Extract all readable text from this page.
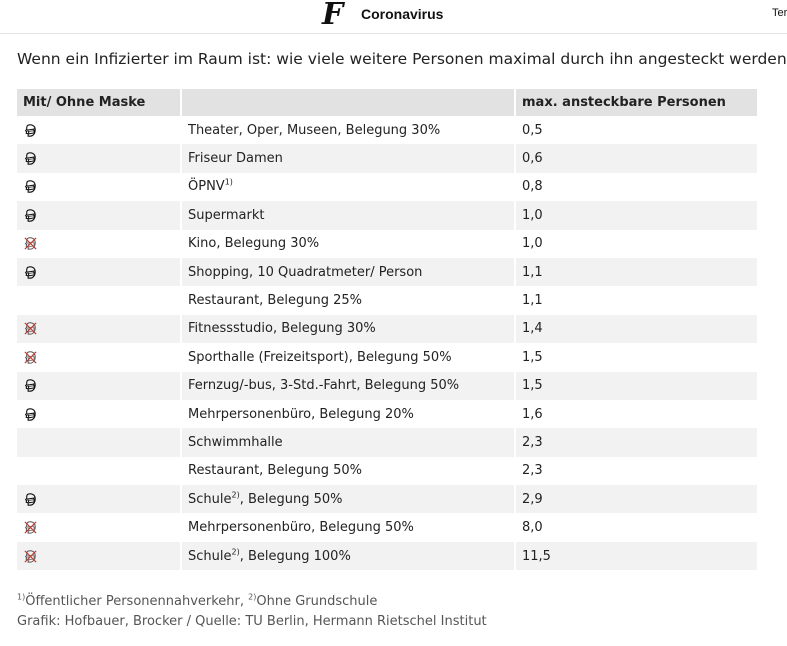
F Coronavirus	Ter
Wenn ein Infizierter im Raum ist: wie viele weitere Personen maximal durch ihn angesteckt werden
Mit/ Ohne Maske		max. ansteckbare Personen
	Theater, Oper, Museen, Belegung 30%	0,5
	Friseur Damen	0,6
	ÖPNV$^{1)}$	0,8
	Supermarkt	1,0
	Kino, Belegung 30%	1,0
	Shopping, 10 Quadratmeter/ Person	1,1
	Restaurant, Belegung 25%	1,1
	Fitnessstudio, Belegung 30%	1,4
	Sporthalle (Freizeitsport), Belegung 50%	1,5
	Fernzug/-bus, 3-Std.-Fahrt, Belegung 50%	1,5
	Mehrpersonenbüro, Belegung 20%	1,6
	Schwimmhalle	2,3
	Restaurant, Belegung 50%	2,3
	Schule$^{2)}$, Belegung 50%	2,9
	Mehrpersonenbüro, Belegung 50%	8,0
	Schule$^{2)}$, Belegung 100%	11,5
$^{1)}$Öffentlicher Personennahverkehr, $^{2)}$Ohne Grundschule
Grafik: Hofbauer, Brocker / Quelle: TU Berlin, Hermann Rietschel Institut
